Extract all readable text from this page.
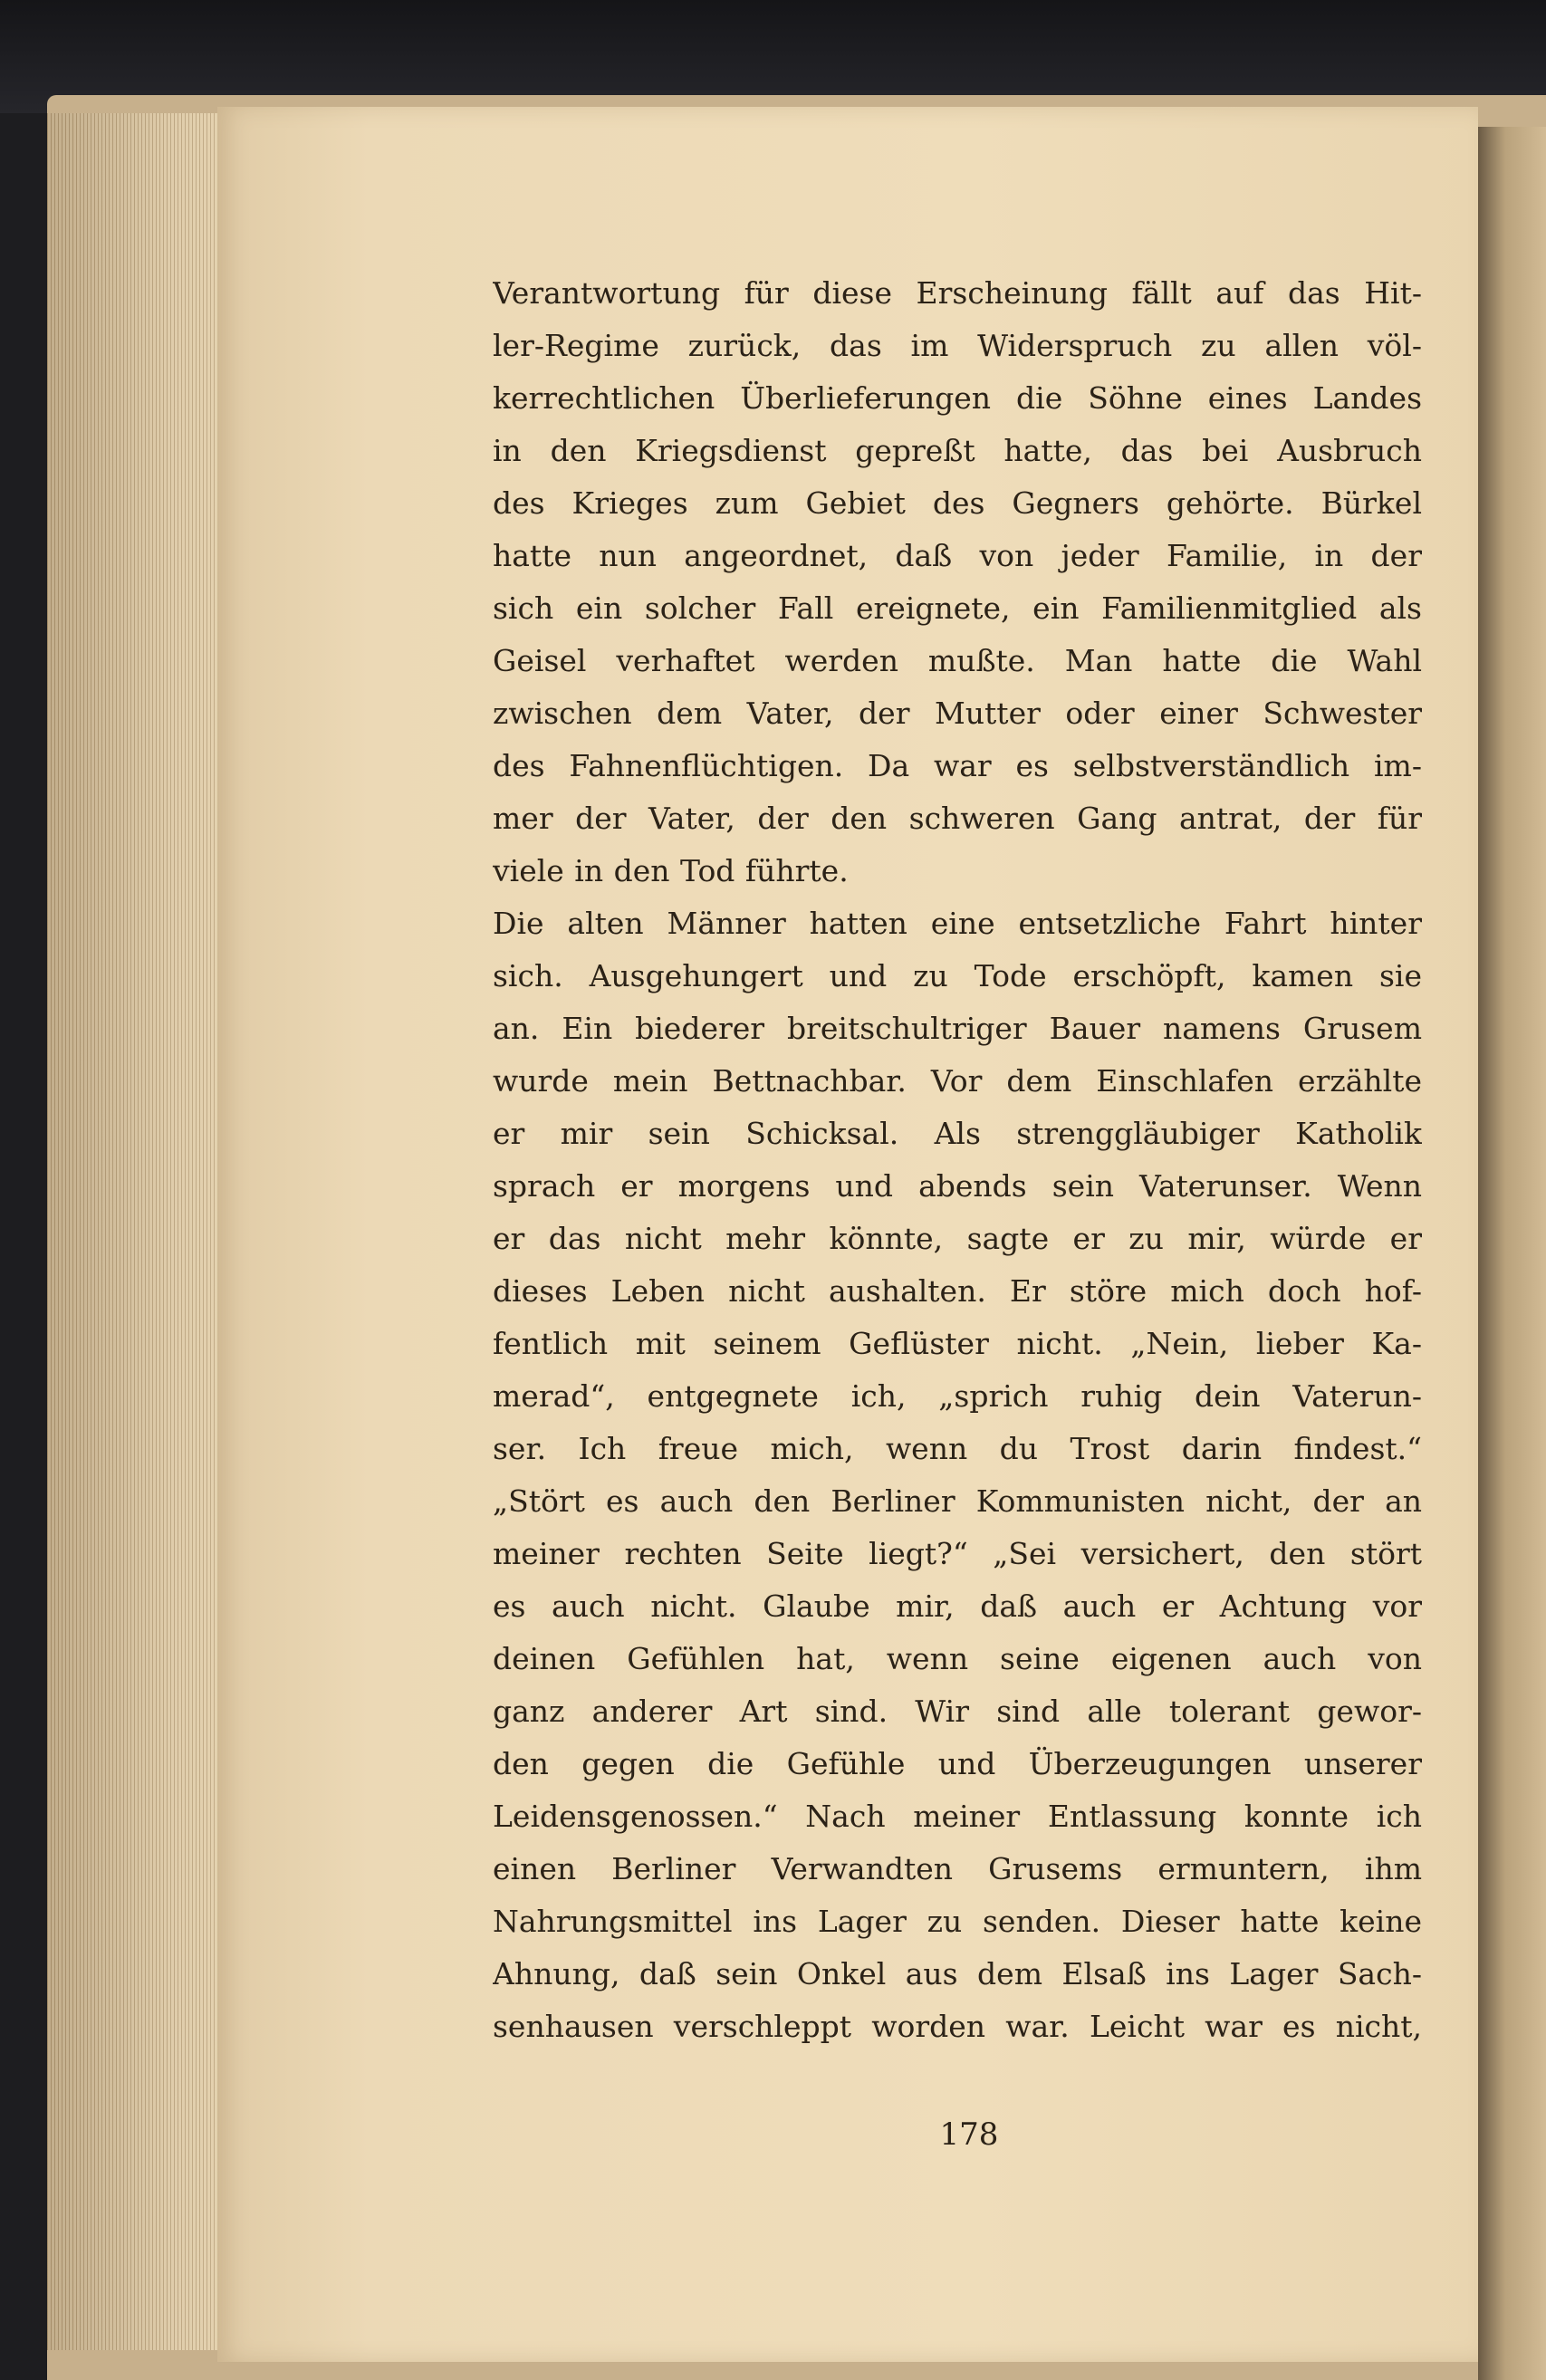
Verantwortung für diese Erscheinung fällt auf das Hit-
ler-Regime zurück, das im Widerspruch zu allen völ-
kerrechtlichen Überlieferungen die Söhne eines Landes
in den Kriegsdienst gepreßt hatte, das bei Ausbruch
des Krieges zum Gebiet des Gegners gehörte. Bürkel
hatte nun angeordnet, daß von jeder Familie, in der
sich ein solcher Fall ereignete, ein Familienmitglied als
Geisel verhaftet werden mußte. Man hatte die Wahl
zwischen dem Vater, der Mutter oder einer Schwester
des Fahnenflüchtigen. Da war es selbstverständlich im-
mer der Vater, der den schweren Gang antrat, der für
viele in den Tod führte.
Die alten Männer hatten eine entsetzliche Fahrt hinter
sich. Ausgehungert und zu Tode erschöpft, kamen sie
an. Ein biederer breitschultriger Bauer namens Grusem
wurde mein Bettnachbar. Vor dem Einschlafen erzählte
er mir sein Schicksal. Als strenggläubiger Katholik
sprach er morgens und abends sein Vaterunser. Wenn
er das nicht mehr könnte, sagte er zu mir, würde er
dieses Leben nicht aushalten. Er störe mich doch hof-
fentlich mit seinem Geflüster nicht. „Nein, lieber Ka-
merad“, entgegnete ich, „sprich ruhig dein Vaterun-
ser. Ich freue mich, wenn du Trost darin findest.“
„Stört es auch den Berliner Kommunisten nicht, der an
meiner rechten Seite liegt?“ „Sei versichert, den stört
es auch nicht. Glaube mir, daß auch er Achtung vor
deinen Gefühlen hat, wenn seine eigenen auch von
ganz anderer Art sind. Wir sind alle tolerant gewor-
den gegen die Gefühle und Überzeugungen unserer
Leidensgenossen.“ Nach meiner Entlassung konnte ich
einen Berliner Verwandten Grusems ermuntern, ihm
Nahrungsmittel ins Lager zu senden. Dieser hatte keine
Ahnung, daß sein Onkel aus dem Elsaß ins Lager Sach-
senhausen verschleppt worden war. Leicht war es nicht,
178
